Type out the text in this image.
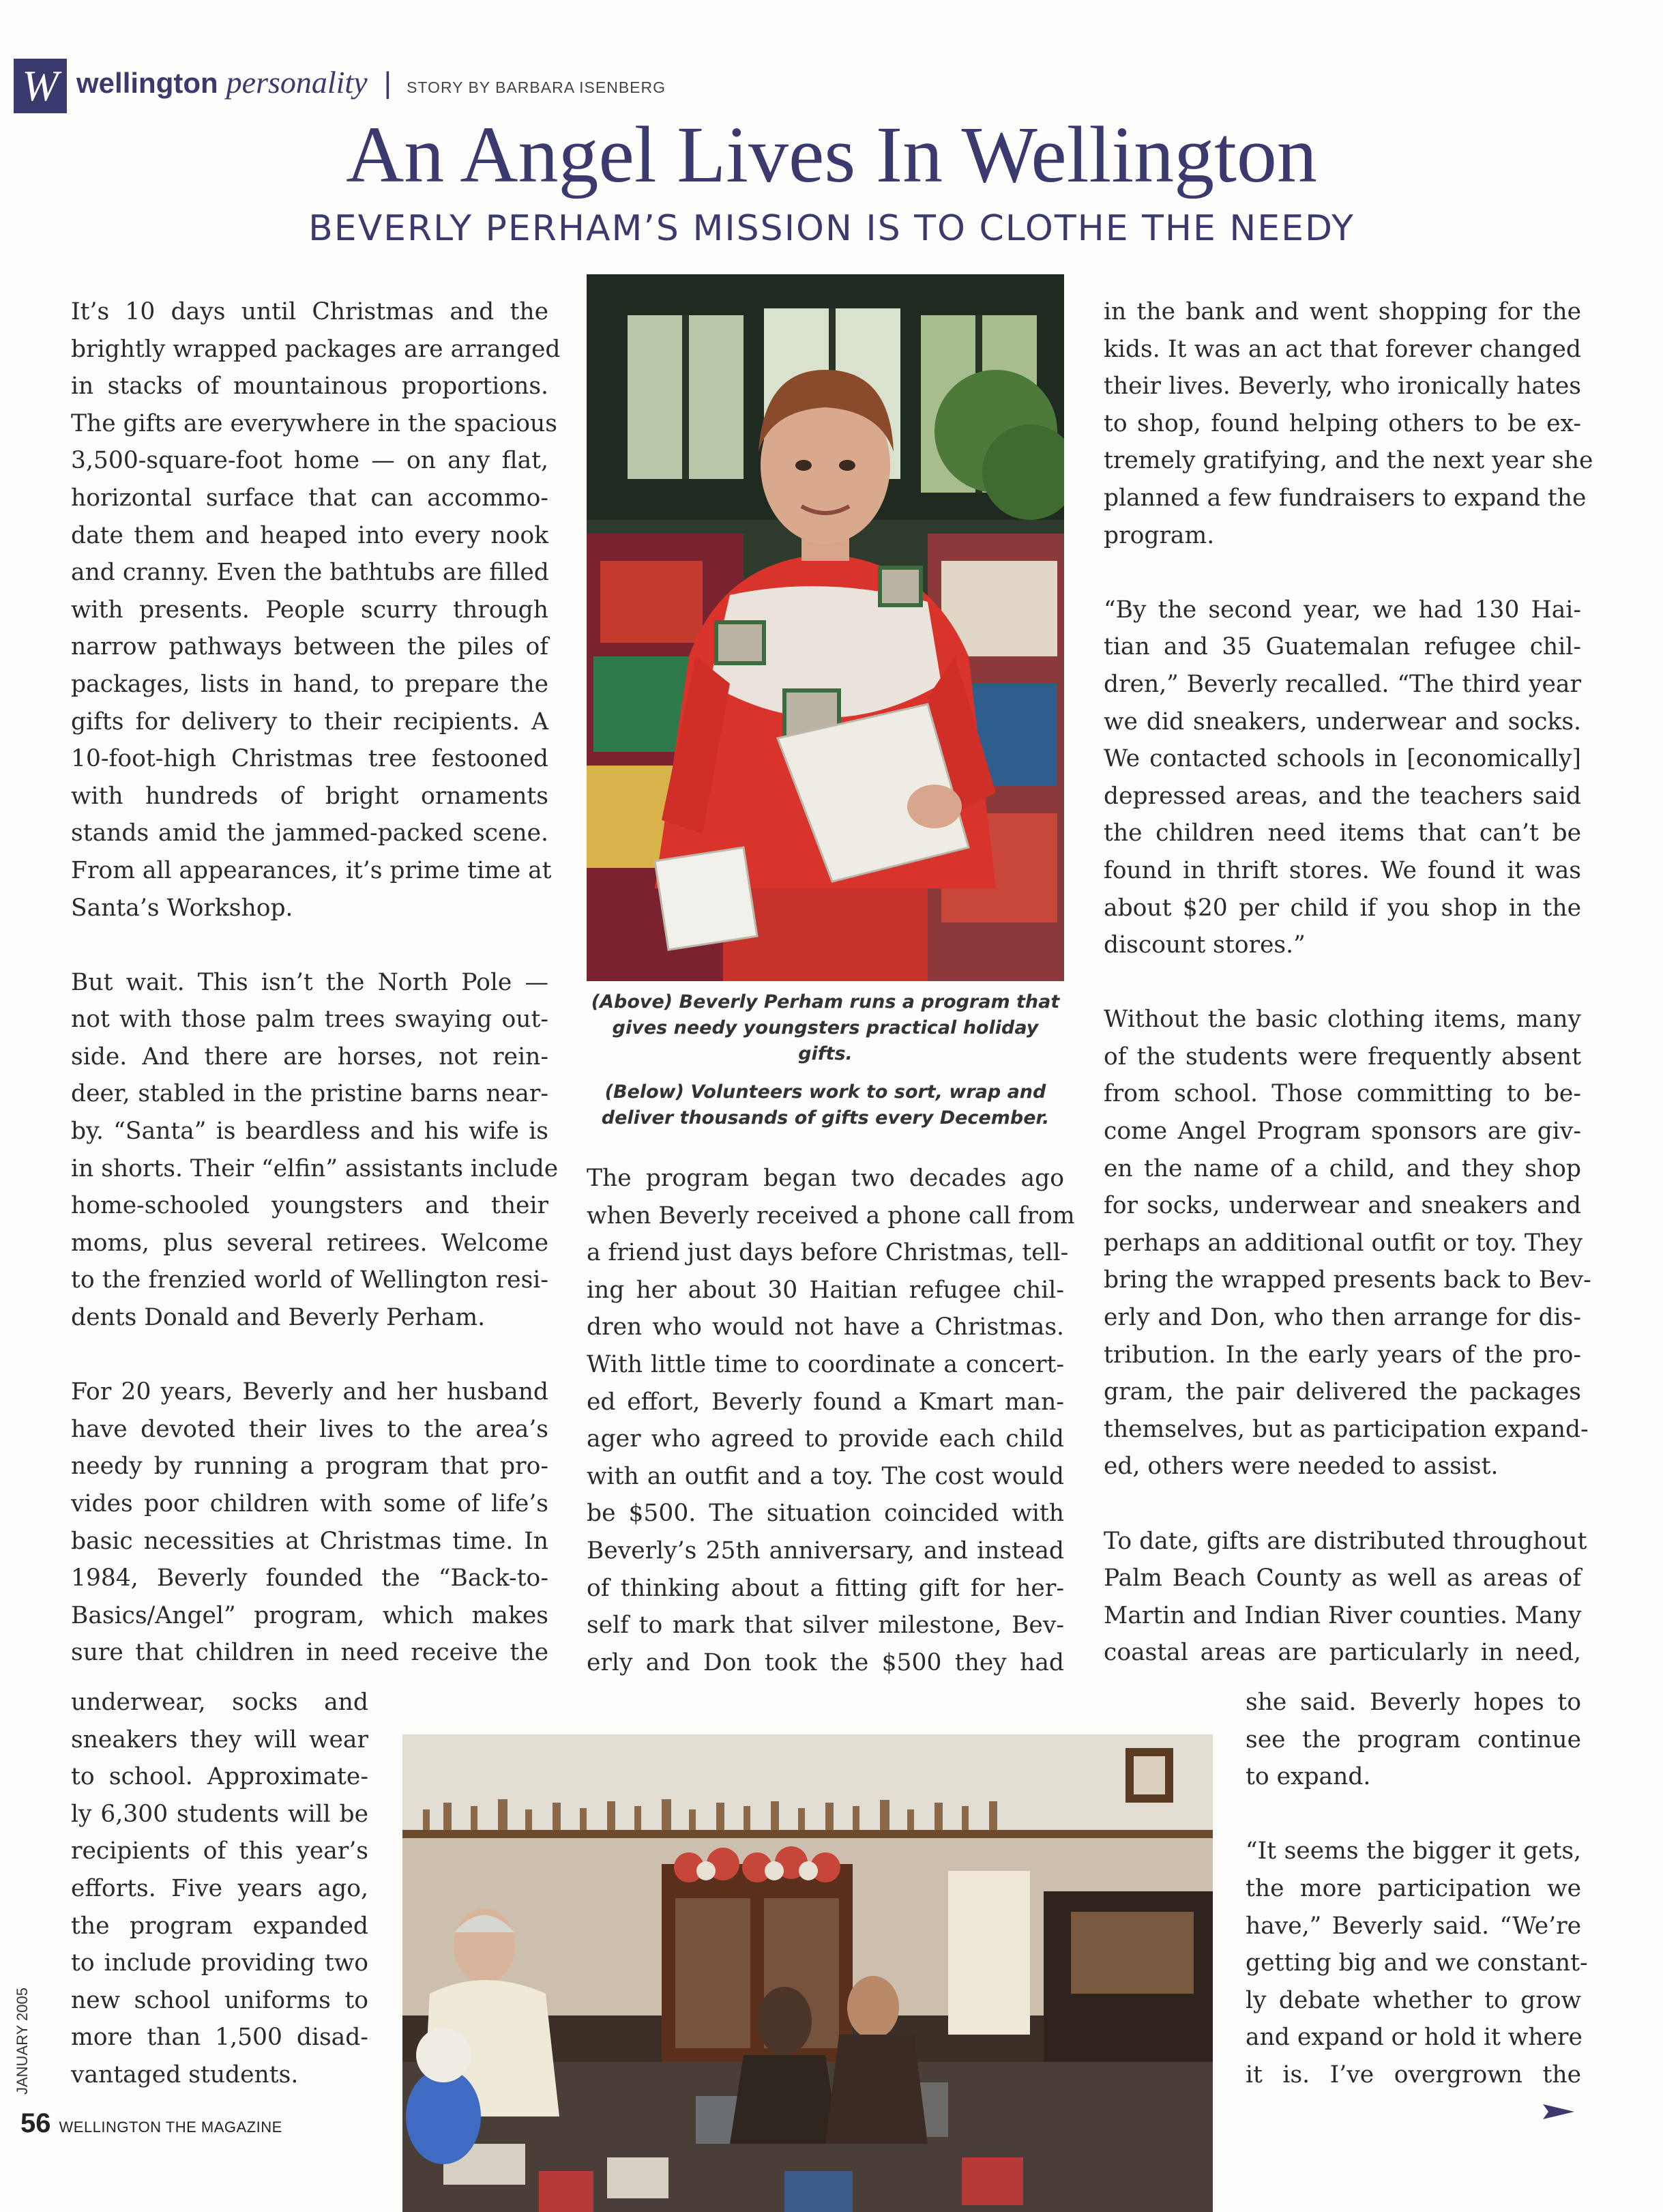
W wellington personality | STORY BY BARBARA ISENBERG
An Angel Lives In Wellington
BEVERLY PERHAM’S MISSION IS TO CLOTHE THE NEEDY
It’s 10 days until Christmas and the
brightly wrapped packages are arranged
in stacks of mountainous proportions.
The gifts are everywhere in the spacious
3,500-square-foot home — on any flat,
horizontal surface that can accommo-
date them and heaped into every nook
and cranny. Even the bathtubs are filled
with presents. People scurry through
narrow pathways between the piles of
packages, lists in hand, to prepare the
gifts for delivery to their recipients. A
10-foot-high Christmas tree festooned
with hundreds of bright ornaments
stands amid the jammed-packed scene.
From all appearances, it’s prime time at
Santa’s Workshop.
But wait. This isn’t the North Pole —
not with those palm trees swaying out-
side. And there are horses, not rein-
deer, stabled in the pristine barns near-
by. “Santa” is beardless and his wife is
in shorts. Their “elfin” assistants include
home-schooled youngsters and their
moms, plus several retirees. Welcome
to the frenzied world of Wellington resi-
dents Donald and Beverly Perham.
For 20 years, Beverly and her husband
have devoted their lives to the area’s
needy by running a program that pro-
vides poor children with some of life’s
basic necessities at Christmas time. In
1984, Beverly founded the “Back-to-
Basics/Angel” program, which makes
sure that children in need receive the
underwear, socks and
sneakers they will wear
to school. Approximate-
ly 6,300 students will be
recipients of this year’s
efforts. Five years ago,
the program expanded
to include providing two
new school uniforms to
more than 1,500 disad-
vantaged students.
The program began two decades ago
when Beverly received a phone call from
a friend just days before Christmas, tell-
ing her about 30 Haitian refugee chil-
dren who would not have a Christmas.
With little time to coordinate a concert-
ed effort, Beverly found a Kmart man-
ager who agreed to provide each child
with an outfit and a toy. The cost would
be $500. The situation coincided with
Beverly’s 25th anniversary, and instead
of thinking about a fitting gift for her-
self to mark that silver milestone, Bev-
erly and Don took the $500 they had
in the bank and went shopping for the
kids. It was an act that forever changed
their lives. Beverly, who ironically hates
to shop, found helping others to be ex-
tremely gratifying, and the next year she
planned a few fundraisers to expand the
program.
“By the second year, we had 130 Hai-
tian and 35 Guatemalan refugee chil-
dren,” Beverly recalled. “The third year
we did sneakers, underwear and socks.
We contacted schools in [economically]
depressed areas, and the teachers said
the children need items that can’t be
found in thrift stores. We found it was
about $20 per child if you shop in the
discount stores.”
Without the basic clothing items, many
of the students were frequently absent
from school. Those committing to be-
come Angel Program sponsors are giv-
en the name of a child, and they shop
for socks, underwear and sneakers and
perhaps an additional outfit or toy. They
bring the wrapped presents back to Bev-
erly and Don, who then arrange for dis-
tribution. In the early years of the pro-
gram, the pair delivered the packages
themselves, but as participation expand-
ed, others were needed to assist.
To date, gifts are distributed throughout
Palm Beach County as well as areas of
Martin and Indian River counties. Many
coastal areas are particularly in need,
she said. Beverly hopes to
see the program continue
to expand.
“It seems the bigger it gets,
the more participation we
have,” Beverly said. “We’re
getting big and we constant-
ly debate whether to grow
and expand or hold it where
it is. I’ve overgrown the

(Above) Beverly Perham runs a program that gives needy youngsters practical holiday gifts.

(Below) Volunteers work to sort, wrap and deliver thousands of gifts every December.

JANUARY 2005
56 WELLINGTON THE MAGAZINE
